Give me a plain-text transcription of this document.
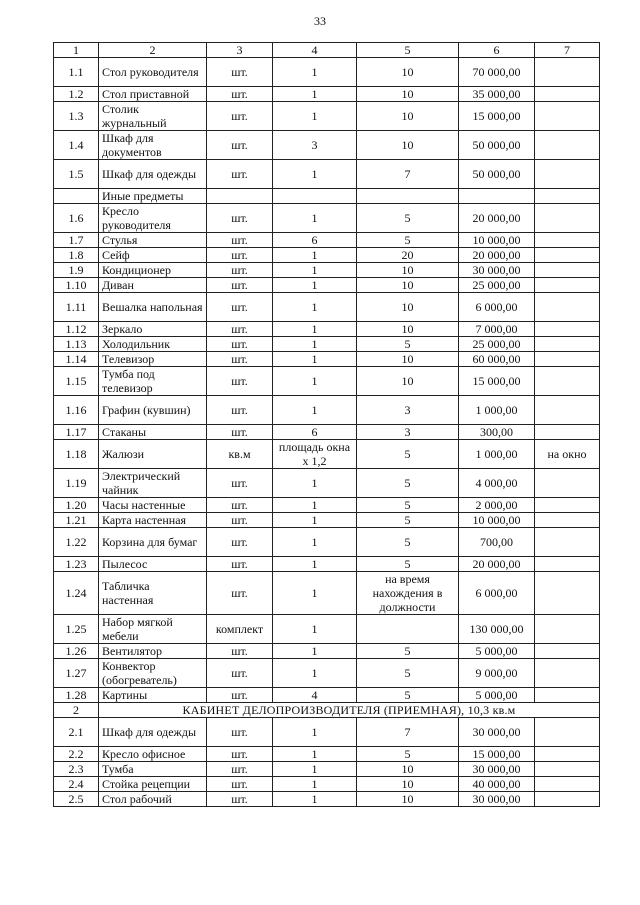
33
1	2	3	4	5	6	7
1.1	Стол руководителя	шт.	1	10	70 000,00	
1.2	Стол приставной	шт.	1	10	35 000,00	
1.3	Столик журнальный	шт.	1	10	15 000,00	
1.4	Шкаф для документов	шт.	3	10	50 000,00	
1.5	Шкаф для одежды	шт.	1	7	50 000,00	
	Иные предметы					
1.6	Кресло руководителя	шт.	1	5	20 000,00	
1.7	Стулья	шт.	6	5	10 000,00	
1.8	Сейф	шт.	1	20	20 000,00	
1.9	Кондиционер	шт.	1	10	30 000,00	
1.10	Диван	шт.	1	10	25 000,00	
1.11	Вешалка напольная	шт.	1	10	6 000,00	
1.12	Зеркало	шт.	1	10	7 000,00	
1.13	Холодильник	шт.	1	5	25 000,00	
1.14	Телевизор	шт.	1	10	60 000,00	
1.15	Тумба под телевизор	шт.	1	10	15 000,00	
1.16	Графин (кувшин)	шт.	1	3	1 000,00	
1.17	Стаканы	шт.	6	3	300,00	
1.18	Жалюзи	кв.м	площадь окна х 1,2	5	1 000,00	на окно
1.19	Электрический чайник	шт.	1	5	4 000,00	
1.20	Часы настенные	шт.	1	5	2 000,00	
1.21	Карта настенная	шт.	1	5	10 000,00	
1.22	Корзина для бумаг	шт.	1	5	700,00	
1.23	Пылесос	шт.	1	5	20 000,00	
1.24	Табличка настенная	шт.	1	на время нахождения в должности	6 000,00	
1.25	Набор мягкой мебели	комплект	1		130 000,00	
1.26	Вентилятор	шт.	1	5	5 000,00	
1.27	Конвектор (обогреватель)	шт.	1	5	9 000,00	
1.28	Картины	шт.	4	5	5 000,00	
2	КАБИНЕТ ДЕЛОПРОИЗВОДИТЕЛЯ (ПРИЕМНАЯ), 10,3 кв.м					
2.1	Шкаф для одежды	шт.	1	7	30 000,00	
2.2	Кресло офисное	шт.	1	5	15 000,00	
2.3	Тумба	шт.	1	10	30 000,00	
2.4	Стойка рецепции	шт.	1	10	40 000,00	
2.5	Стол рабочий	шт.	1	10	30 000,00	
